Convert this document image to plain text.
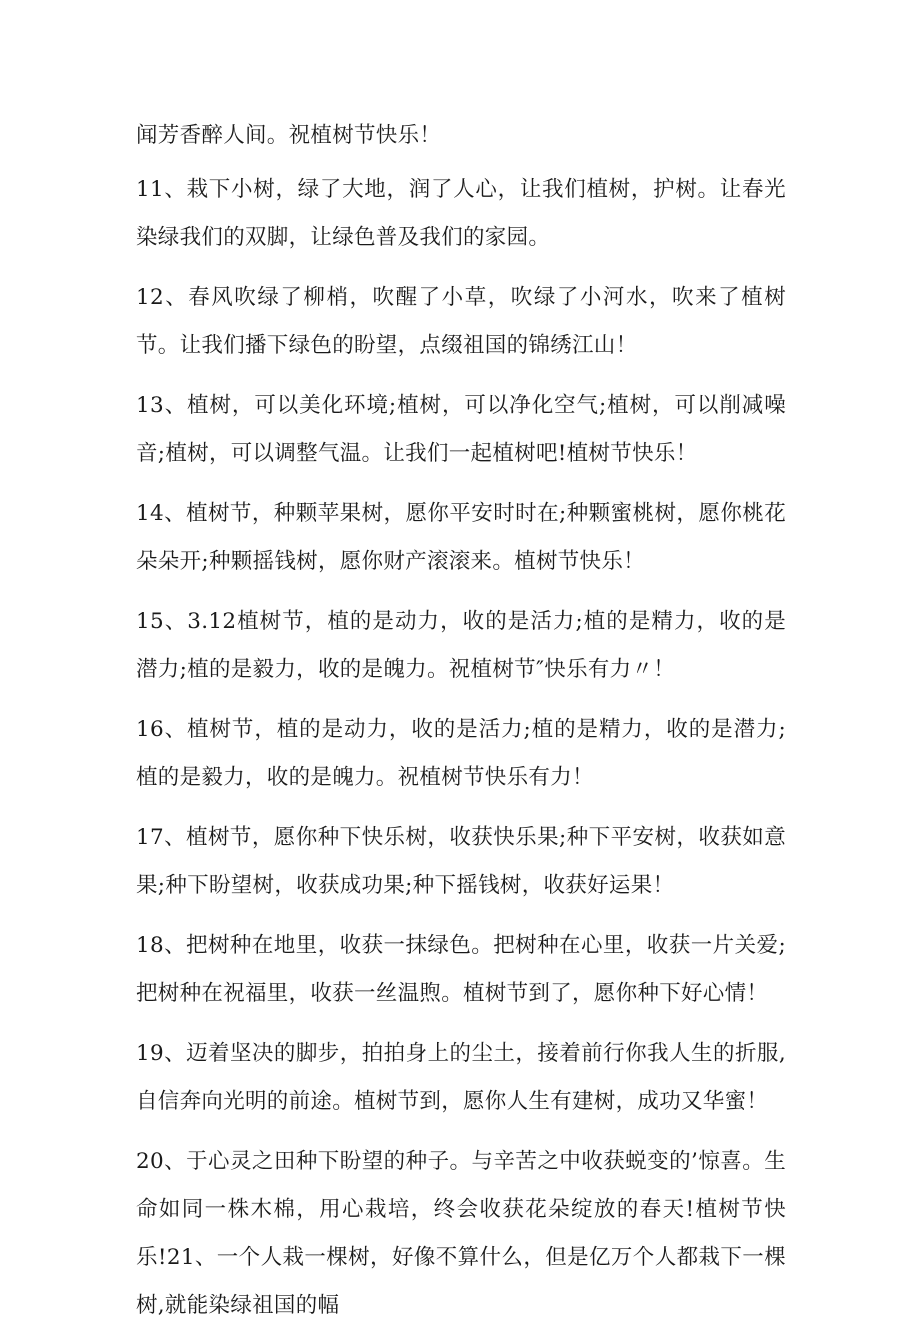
闻芳香醉人间。祝植树节快乐！

11、栽下小树，绿了大地，润了人心，让我们植树，护树。让春光染绿我们的双脚，让绿色普及我们的家园。

12、春风吹绿了柳梢，吹醒了小草，吹绿了小河水，吹来了植树节。让我们播下绿色的盼望，点缀祖国的锦绣江山！

13、植树，可以美化环境;植树，可以净化空气;植树，可以削减噪音;植树，可以调整气温。让我们一起植树吧!植树节快乐！

14、植树节，种颗苹果树，愿你平安时时在;种颗蜜桃树，愿你桃花朵朵开;种颗摇钱树，愿你财产滚滚来。植树节快乐！

15、3.12植树节，植的是动力，收的是活力;植的是精力，收的是潜力;植的是毅力，收的是魄力。祝植树节″快乐有力〃！

16、植树节，植的是动力，收的是活力;植的是精力，收的是潜力;植的是毅力，收的是魄力。祝植树节快乐有力！

17、植树节，愿你种下快乐树，收获快乐果;种下平安树，收获如意果;种下盼望树，收获成功果;种下摇钱树，收获好运果！

18、把树种在地里，收获一抹绿色。把树种在心里，收获一片关爱;把树种在祝福里，收获一丝温煦。植树节到了，愿你种下好心情！

19、迈着坚决的脚步，拍拍身上的尘土，接着前行你我人生的折服,自信奔向光明的前途。植树节到，愿你人生有建树，成功又华蜜！

20、于心灵之田种下盼望的种子。与辛苦之中收获蜕变的’惊喜。生命如同一株木棉，用心栽培，终会收获花朵绽放的春天!植树节快乐!21、一个人栽一棵树，好像不算什么，但是亿万个人都栽下一棵树,就能染绿祖国的幅
